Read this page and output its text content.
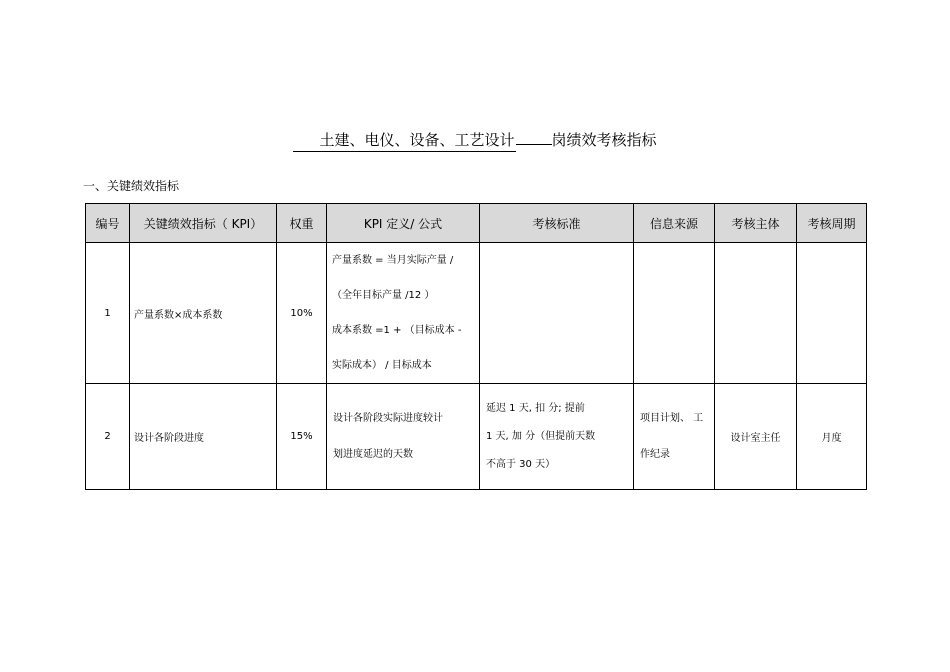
土建、电仪、设备、工艺设计 岗绩效考核指标
一、关键绩效指标
编号	关键绩效指标（ KPI）	权重	KPI 定义/ 公式	考核标准	信息来源	考核主体	考核周期
1	产量系数×成本系数	10%	产量系数 = 当月实际产量 /
（全年目标产量 /12 ）
成本系数 =1 + （目标成本 -
实际成本） / 目标成本				

2	设计各阶段进度	15%	设计各阶段实际进度较计
划进度延迟的天数	延迟 1 天, 扣 分; 提前
1 天, 加 分（但提前天数
不高于 30 天）	项目计划、 工
作纪录	设计室主任	月度
